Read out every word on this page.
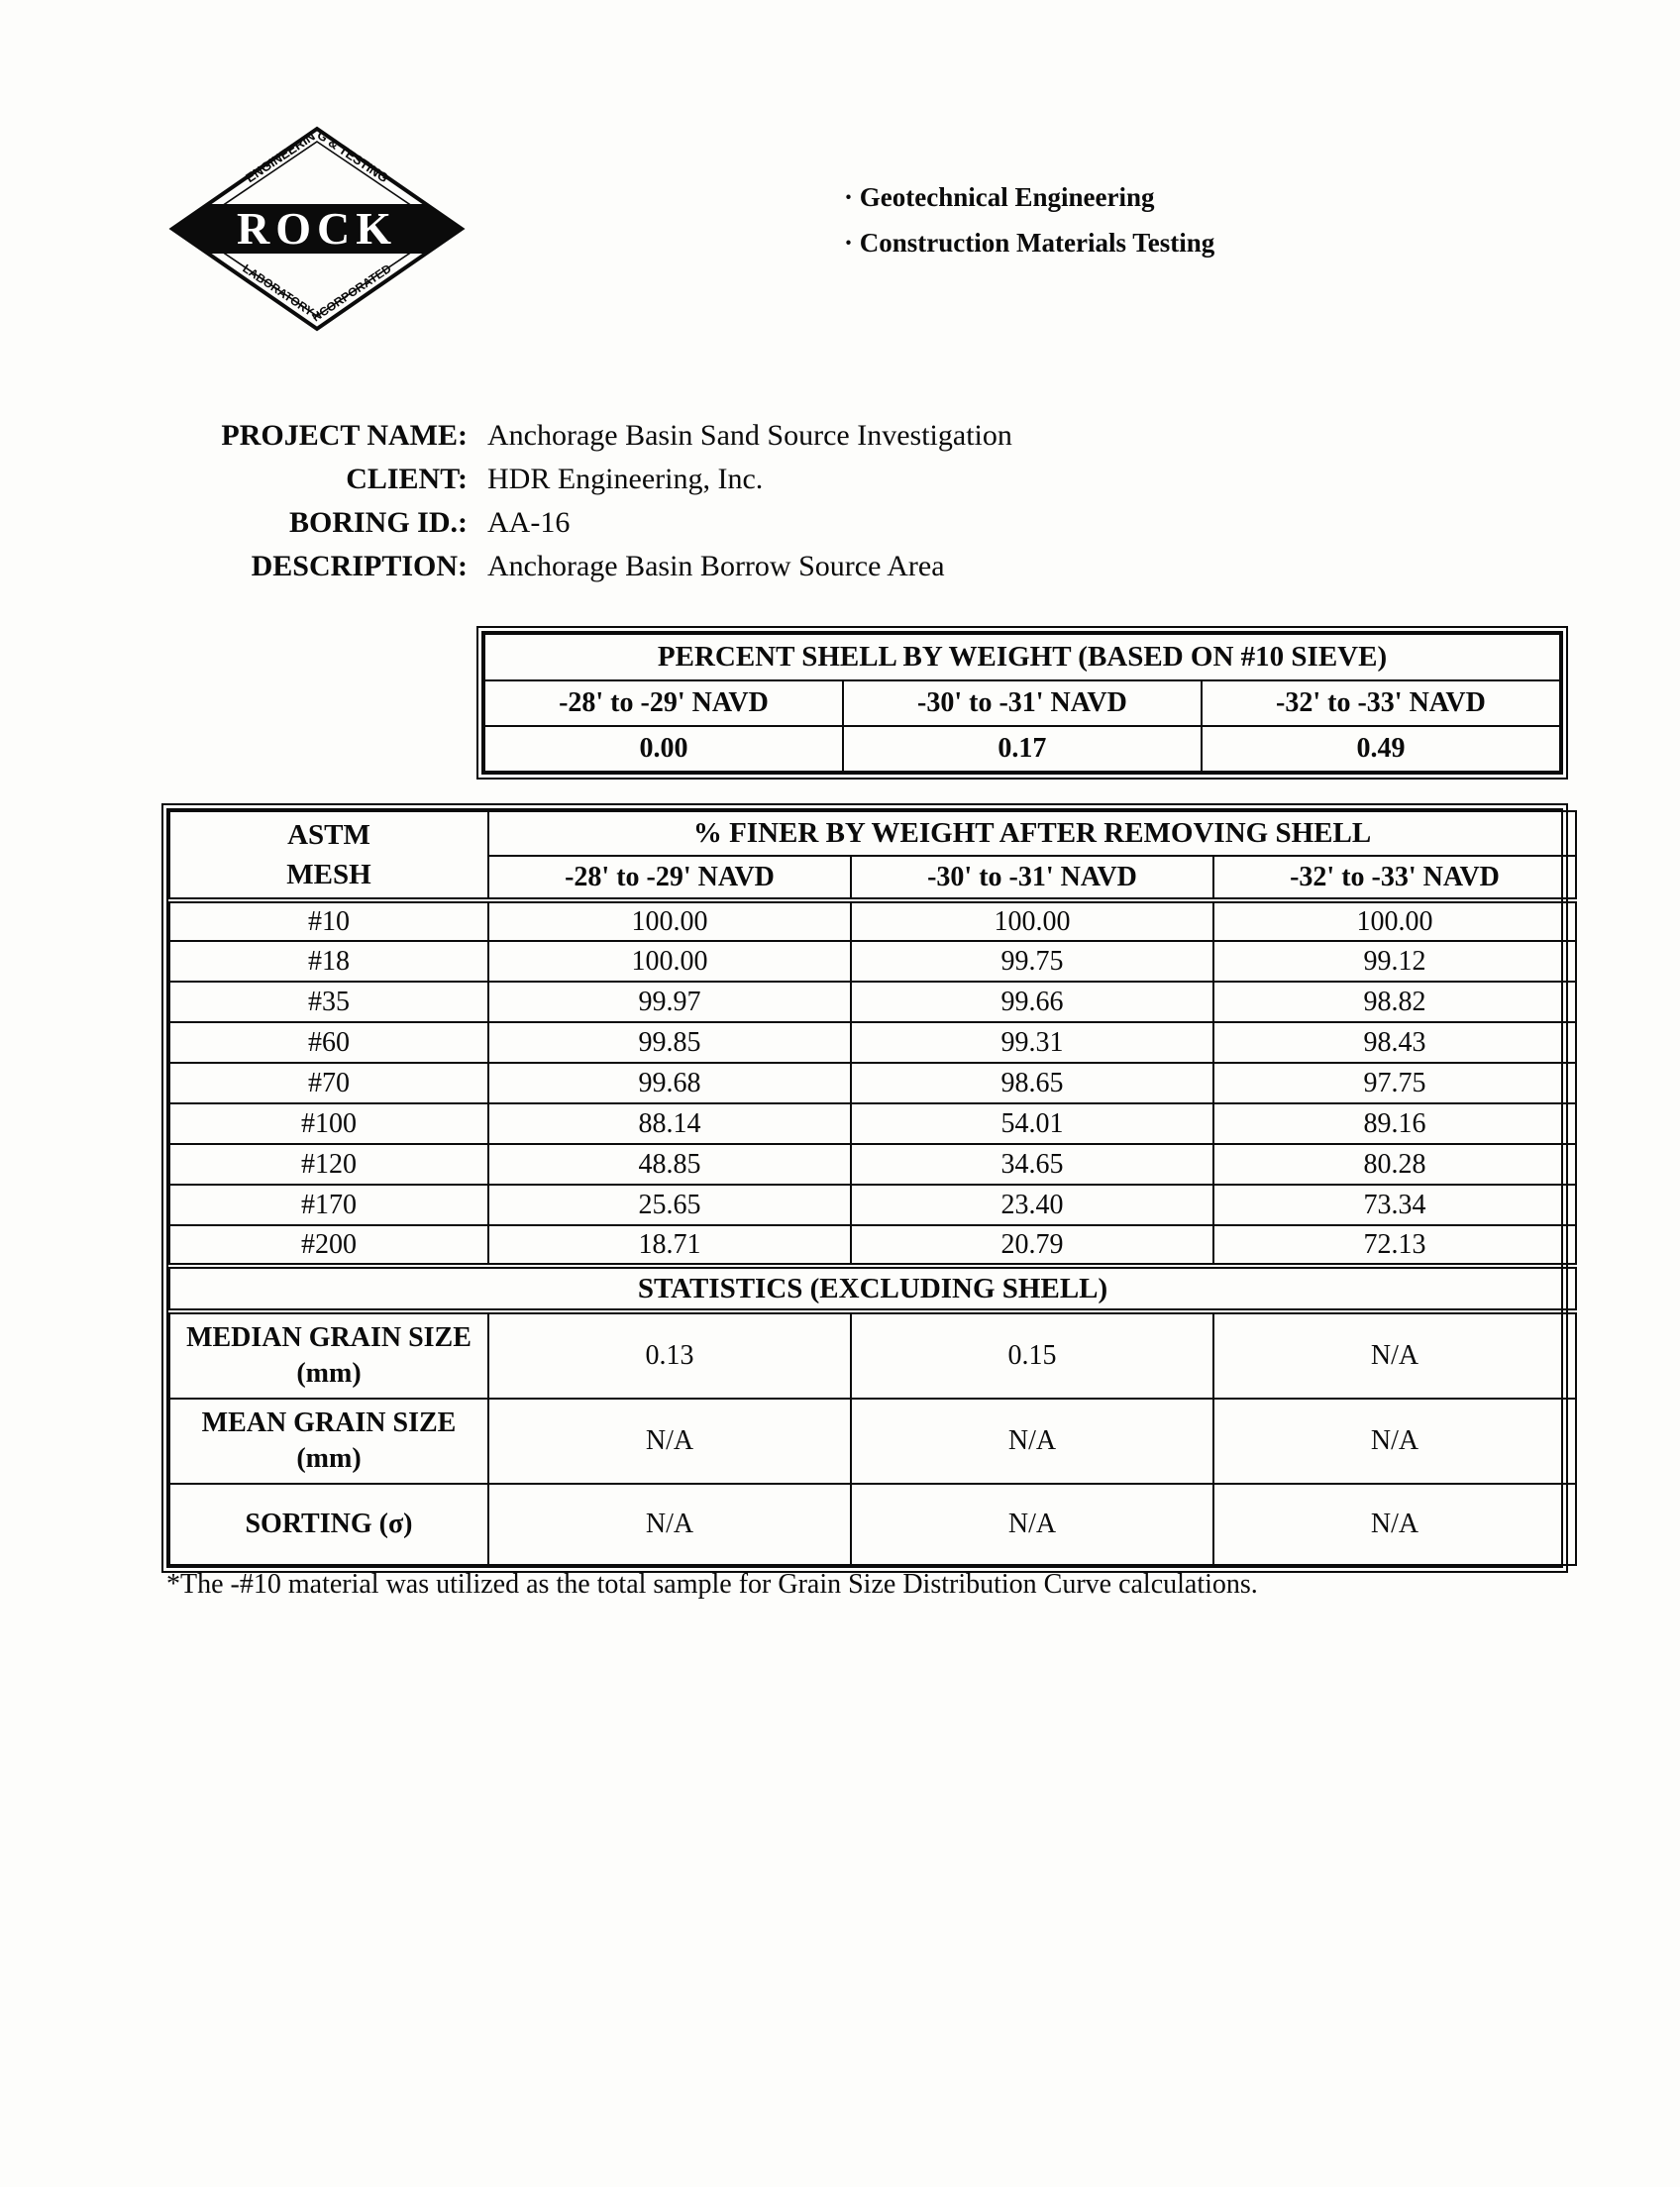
ROCK
ENGINEERING & TESTING
LABORATORY INCORPORATED
· Geotechnical Engineering
· Construction Materials Testing
PROJECT NAME: Anchorage Basin Sand Source Investigation
CLIENT: HDR Engineering, Inc.
BORING ID.: AA-16
DESCRIPTION: Anchorage Basin Borrow Source Area
PERCENT SHELL BY WEIGHT (BASED ON #10 SIEVE)		
-28' to -29' NAVD	-30' to -31' NAVD	-32' to -33' NAVD
0.00	0.17	0.49
ASTM
MESH	% FINER BY WEIGHT AFTER REMOVING SHELL		
	-28' to -29' NAVD	-30' to -31' NAVD	-32' to -33' NAVD
#10	100.00	100.00	100.00
#18	100.00	99.75	99.12
#35	99.97	99.66	98.82
#60	99.85	99.31	98.43
#70	99.68	98.65	97.75
#100	88.14	54.01	89.16
#120	48.85	34.65	80.28
#170	25.65	23.40	73.34
#200	18.71	20.79	72.13
STATISTICS (EXCLUDING SHELL)			
MEDIAN GRAIN SIZE (mm)	0.13	0.15	N/A
MEAN GRAIN SIZE (mm)	N/A	N/A	N/A
SORTING (σ)	N/A	N/A	N/A
*The -#10 material was utilized as the total sample for Grain Size Distribution Curve calculations.
